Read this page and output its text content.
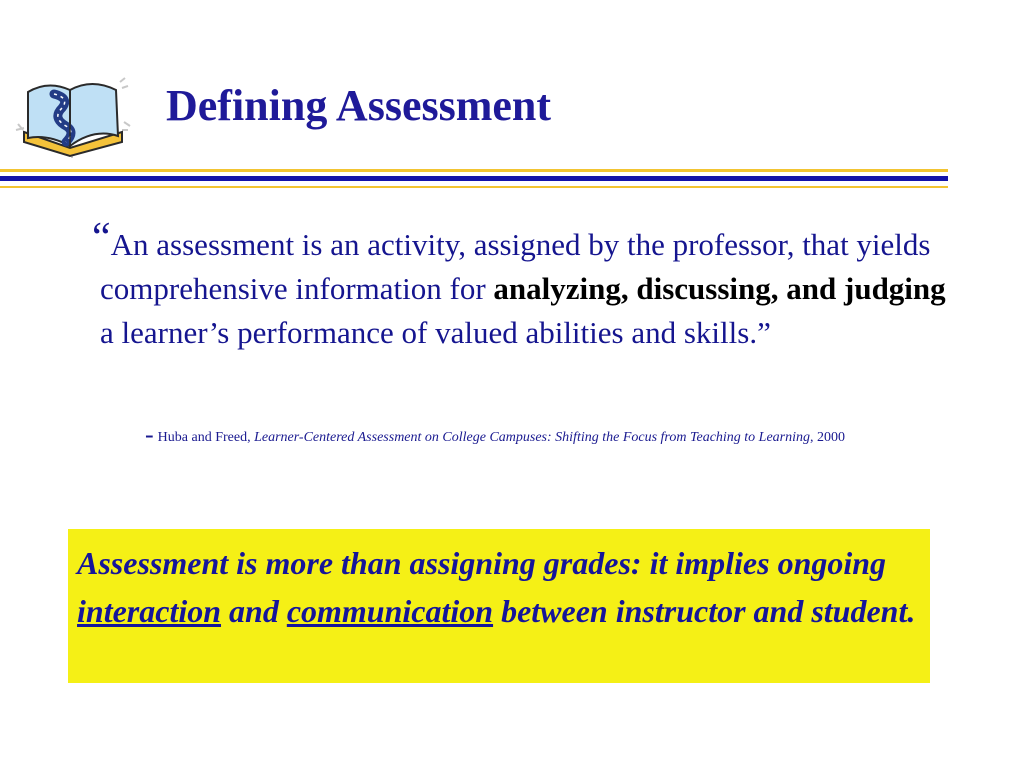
Defining Assessment

“An assessment is an activity, assigned by the professor, that yields comprehensive information for analyzing, discussing, and judging a learner’s performance of valued abilities and skills.”

- Huba and Freed, Learner-Centered Assessment on College Campuses: Shifting the Focus from Teaching to Learning, 2000

Assessment is more than assigning grades: it implies ongoing interaction and communication between instructor and student.
